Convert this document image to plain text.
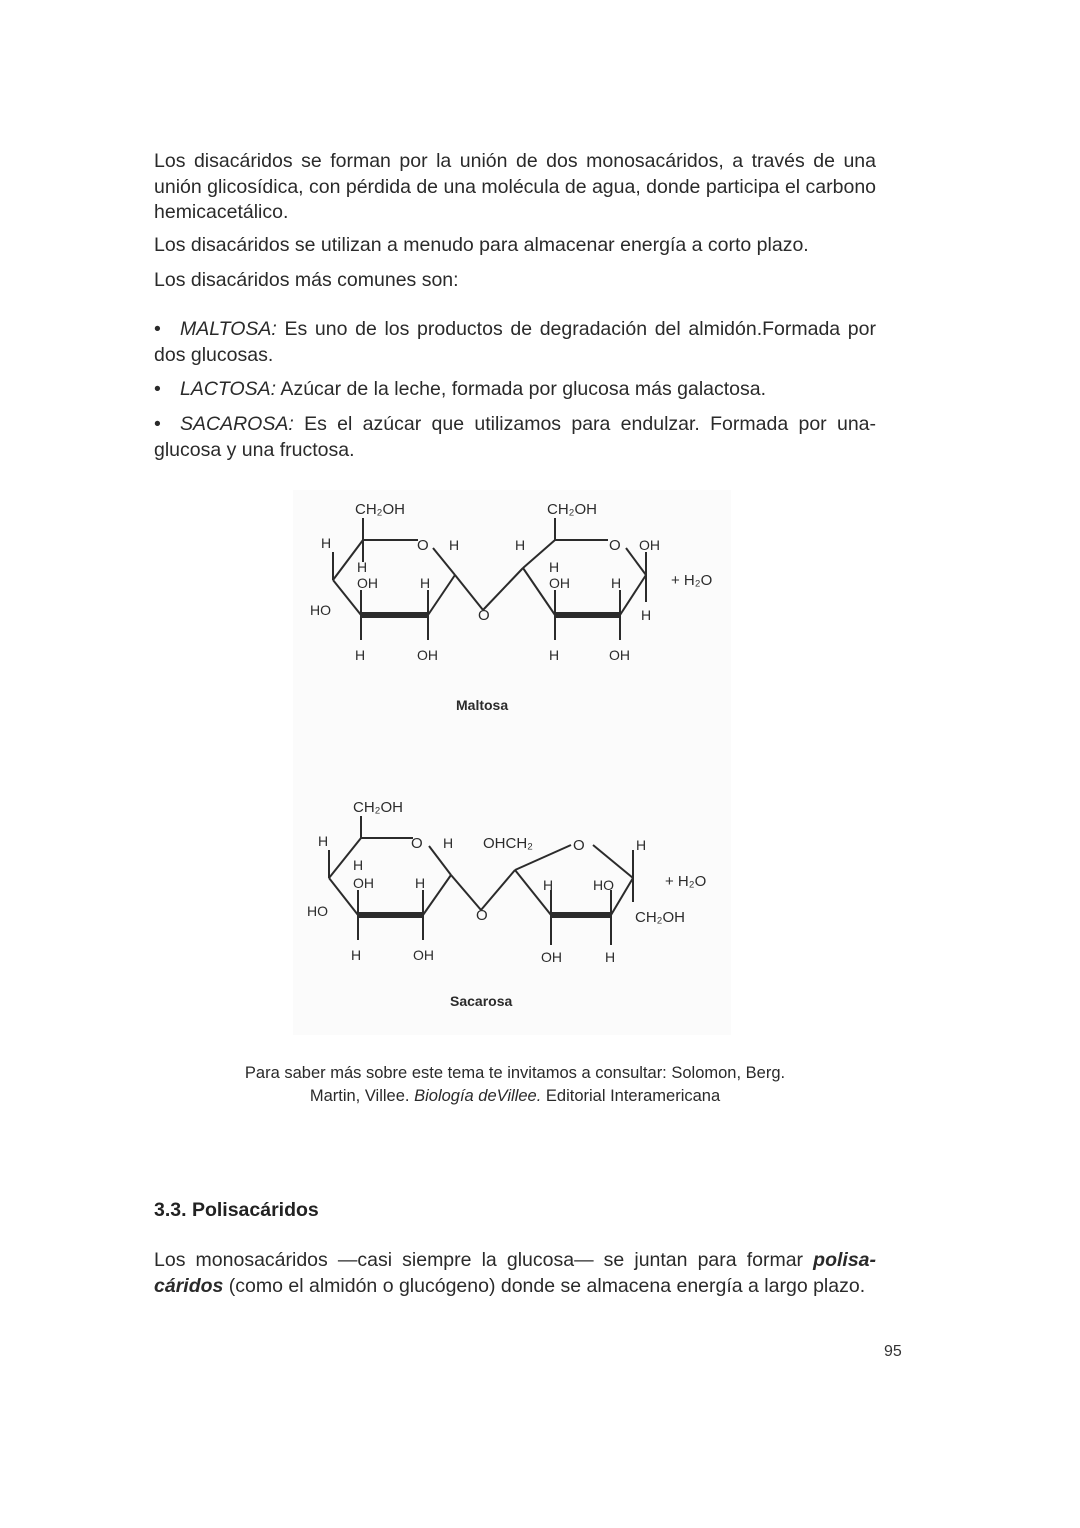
Los disacáridos se forman por la unión de dos monosacáridos, a través de una unión glicosídica, con pérdida de una molécula de agua, donde participa el carbono hemicacetálico.

Los disacáridos se utilizan a menudo para almacenar energía a corto plazo.

Los disacáridos más comunes son:

• MALTOSA: Es uno de los productos de degradación del almidón.Formada por dos glucosas.

• LACTOSA: Azúcar de la leche, formada por glucosa más galactosa.

• SACAROSA: Es el azúcar que utilizamos para endulzar. Formada por una-glucosa y una fructosa.

CH₂OH	CH₂OH
H	O H
H
OH	H
HO
H	OH
O
H	O OH
H
OH	H
H
H	OH
+ H₂O
Maltosa
CH₂OH
H	O H
H
OH	H
HO
H	OH
O
OHCH₂	O	H
H	HO
CH₂OH
OH	H
+ H₂O
Sacarosa
Para saber más sobre este tema te invitamos a consultar: Solomon, Berg.
Martin, Villee. Biología deVillee. Editorial Interamericana
3.3. Polisacáridos

Los monosacáridos —casi siempre la glucosa— se juntan para formar polisa-cáridos (como el almidón o glucógeno) donde se almacena energía a largo plazo.

95
